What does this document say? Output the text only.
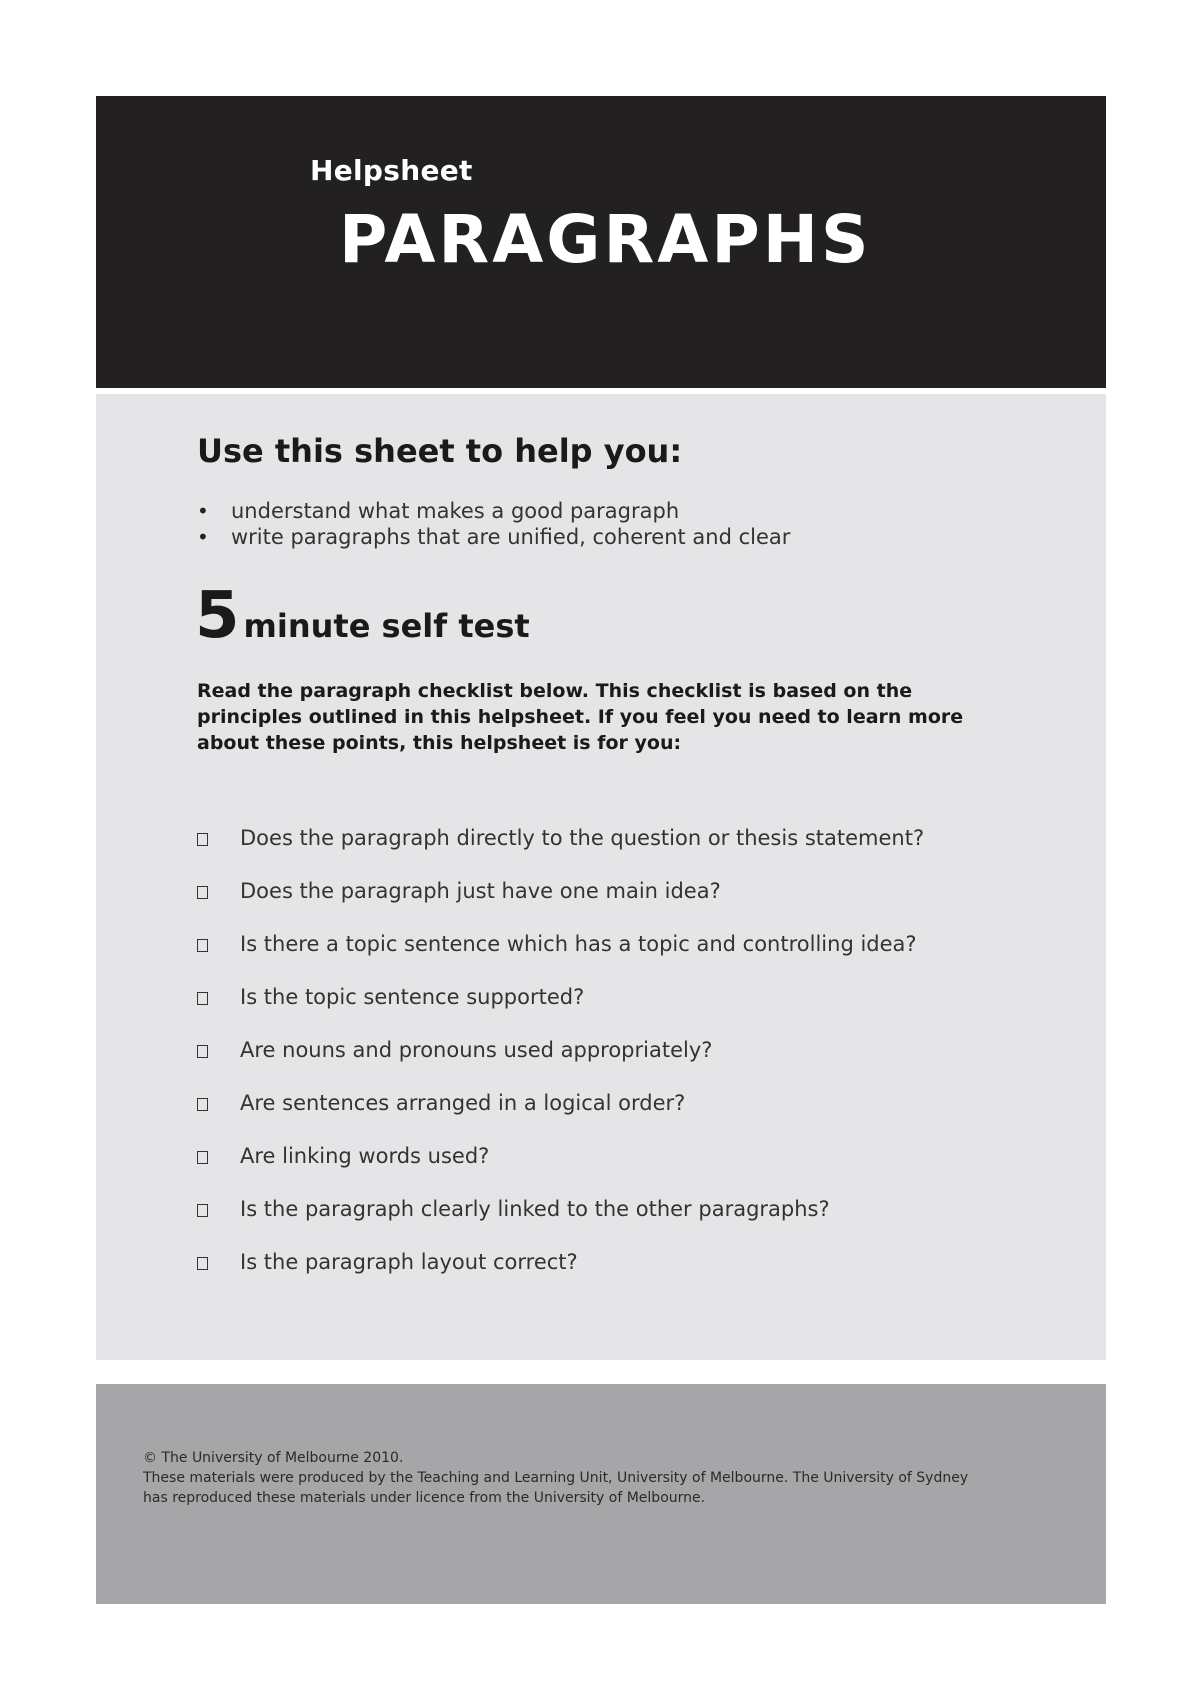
Helpsheet

PARAGRAPHS
Use this sheet to help you:
• understand what makes a good paragraph
• write paragraphs that are unified, coherent and clear
5 minute self test

Read the paragraph checklist below. This checklist is based on the principles outlined in this helpsheet. If you feel you need to learn more about these points, this helpsheet is for you:

Does the paragraph directly to the question or thesis statement?
Does the paragraph just have one main idea?
Is there a topic sentence which has a topic and controlling idea?
Is the topic sentence supported?
Are nouns and pronouns used appropriately?
Are sentences arranged in a logical order?
Are linking words used?
Is the paragraph clearly linked to the other paragraphs?
Is the paragraph layout correct?

© The University of Melbourne 2010.
These materials were produced by the Teaching and Learning Unit, University of Melbourne. The University of Sydney
has reproduced these materials under licence from the University of Melbourne.
